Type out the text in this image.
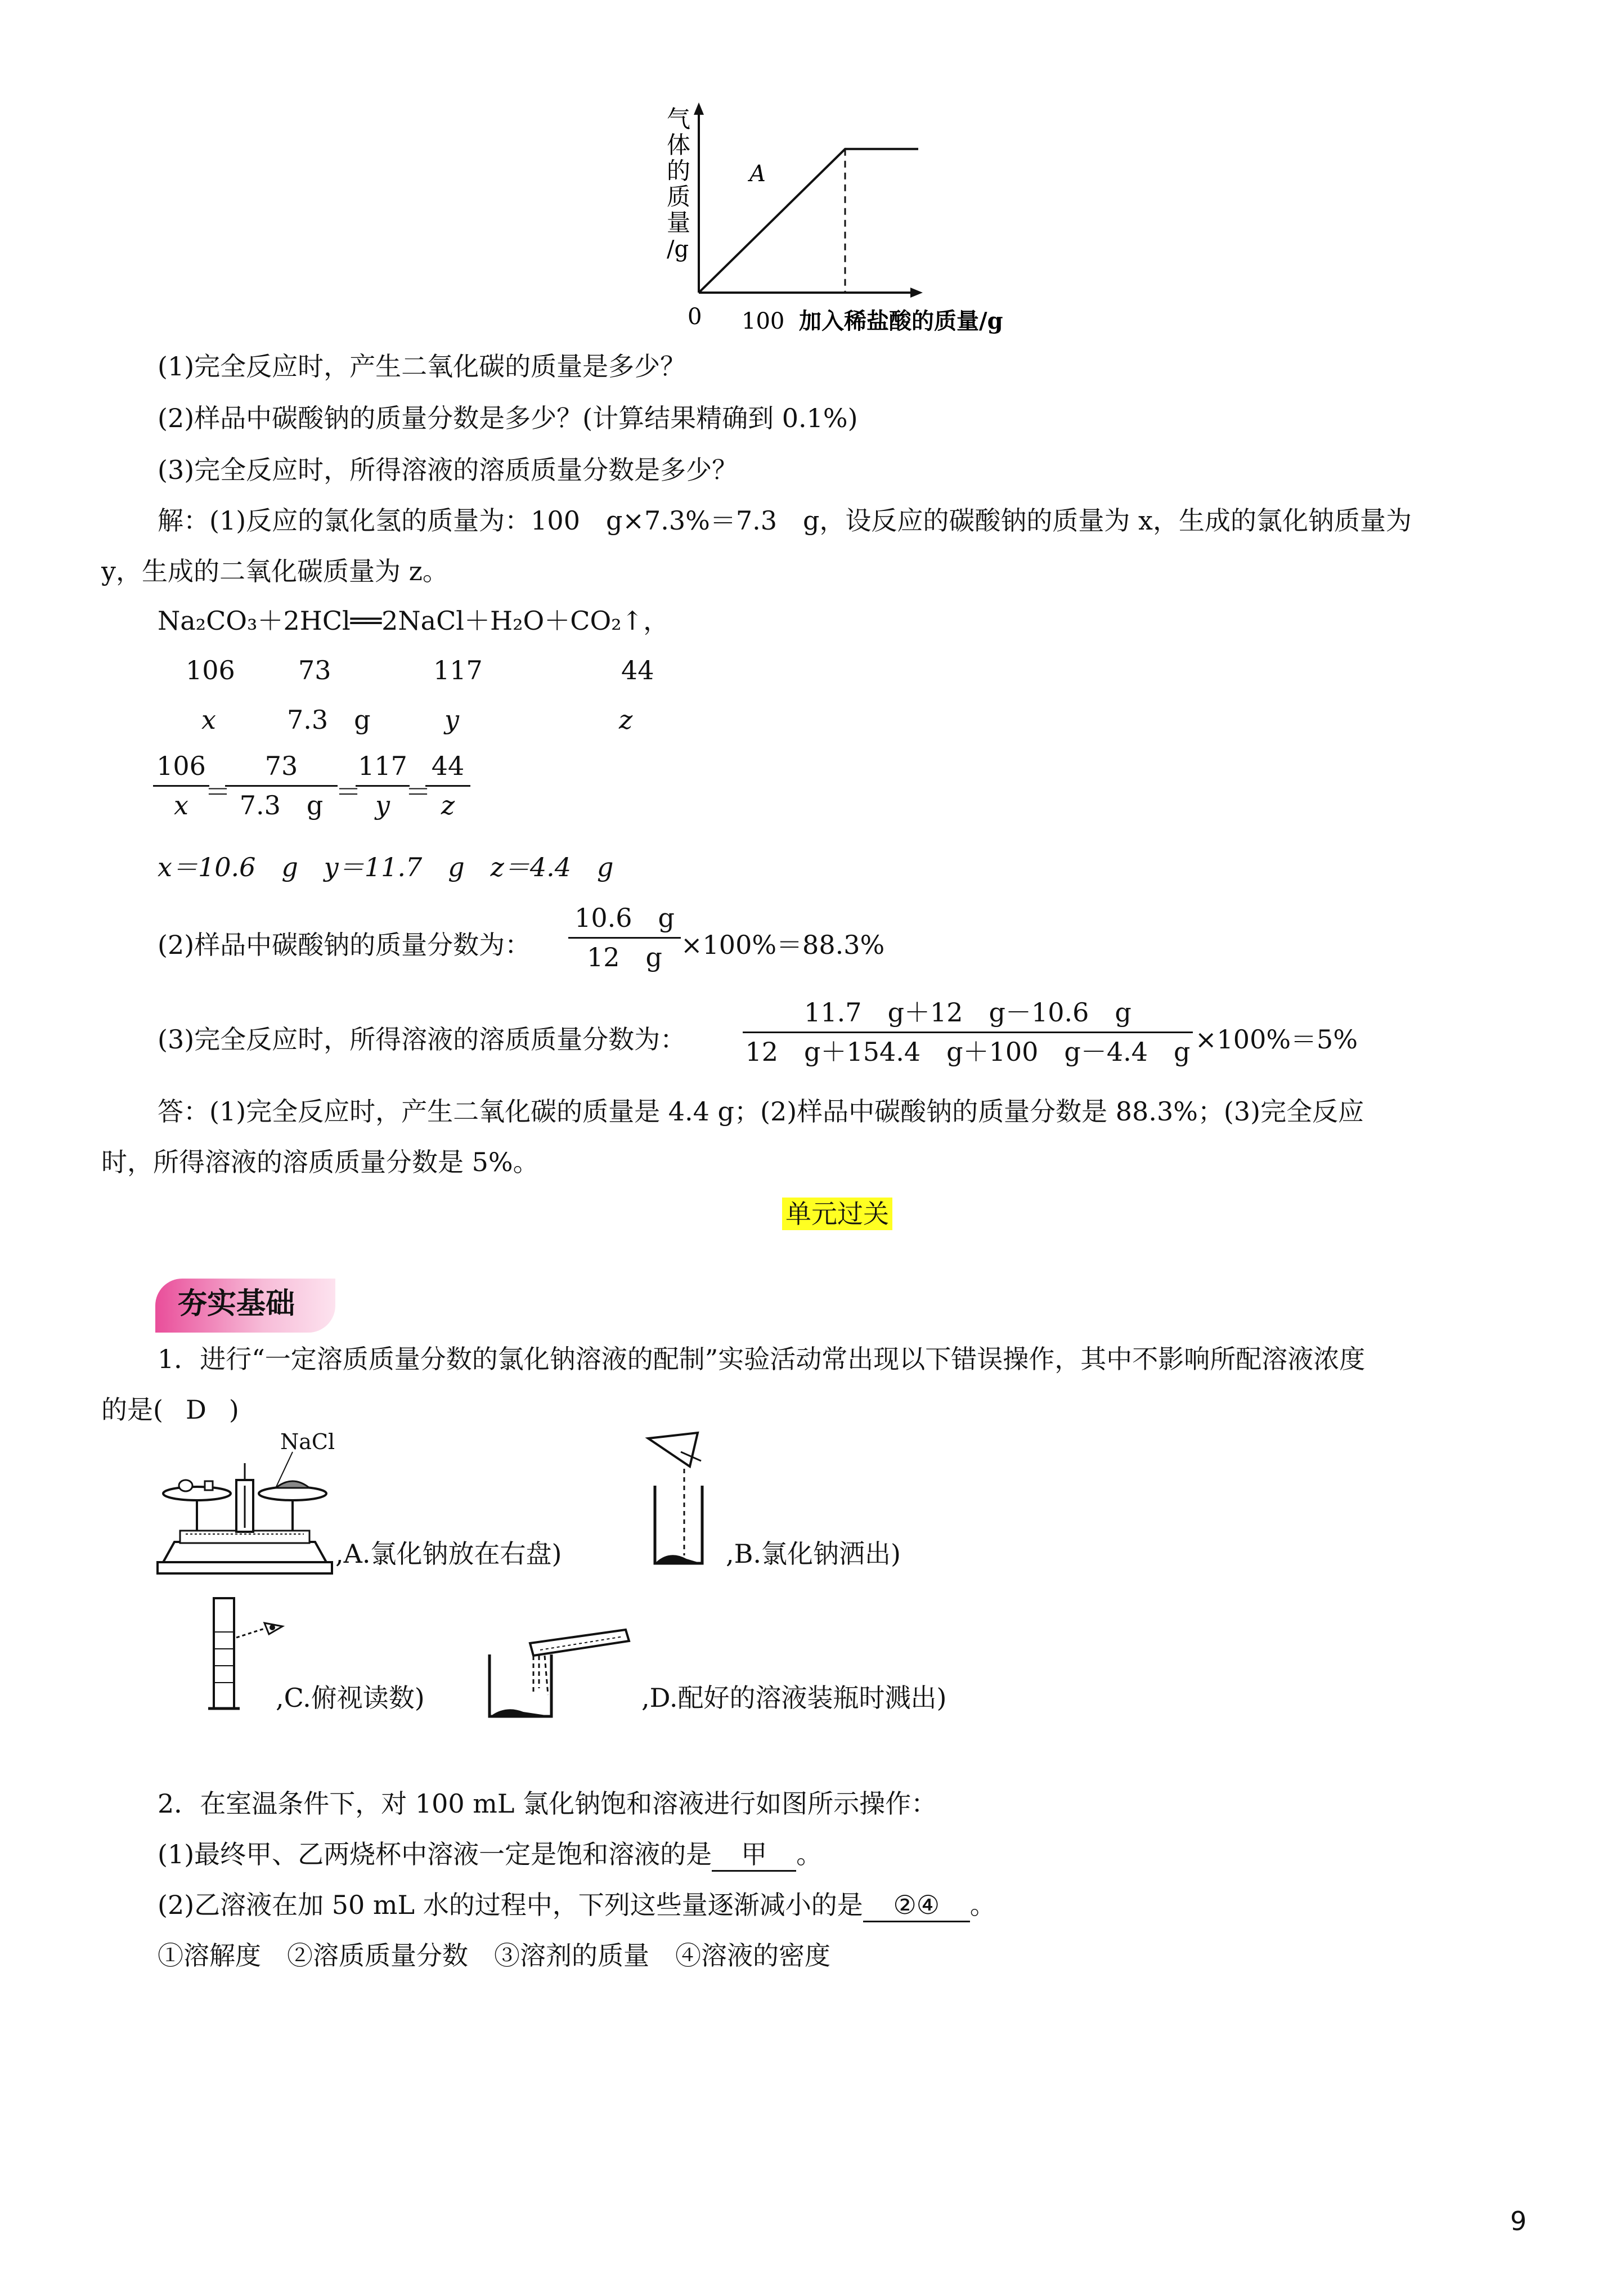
气
体
的
质
量
/g
A
0 100 加入稀盐酸的质量/g
(1)完全反应时，产生二氧化碳的质量是多少？
(2)样品中碳酸钠的质量分数是多少？(计算结果精确到 0.1%)
(3)完全反应时，所得溶液的溶质质量分数是多少？
解：(1)反应的氯化氢的质量为：100　g×7.3%＝7.3　g，设反应的碳酸钠的质量为 x，生成的氯化钠质量为
y，生成的二氧化碳质量为 z。
Na₂CO₃＋2HCl══2NaCl＋H₂O＋CO₂↑，
106 73	117	44
x	7.3　g	y	z
$\frac{106}{x}$
＝
$\frac{73}{7.3 g}$
＝
$\frac{117}{y}$
＝
$\frac{44}{z}$
x＝10.6　g　y＝11.7　g　z＝4.4　g
(2)样品中碳酸钠的质量分数为： $\frac{10.6 g}{12 g} \times 100\%=88.3\%$
(3)完全反应时，所得溶液的溶质质量分数为： $\frac{11.7 g+12 g-10.6 g}{12 g+154.4 g+100 g-4.4 g} \times 100\%=5\%$
答：(1)完全反应时，产生二氧化碳的质量是 4.4 g；(2)样品中碳酸钠的质量分数是 88.3%；(3)完全反应
时，所得溶液的溶质质量分数是 5%。
单元过关
夯实基础
1．进行“一定溶质质量分数的氯化钠溶液的配制”实验活动常出现以下错误操作，其中不影响所配溶液浓度
的是( D )
NaCl
,A.氯化钠放在右盘)	,B.氯化钠洒出)
,C.俯视读数)	,D.配好的溶液装瓶时溅出)
2．在室温条件下，对 100 mL 氯化钠饱和溶液进行如图所示操作：
(1)最终甲、乙两烧杯中溶液一定是饱和溶液的是 甲 。
(2)乙溶液在加 50 mL 水的过程中，下列这些量逐渐减小的是 ②④ 。
①溶解度　②溶质质量分数　③溶剂的质量　④溶液的密度
9
